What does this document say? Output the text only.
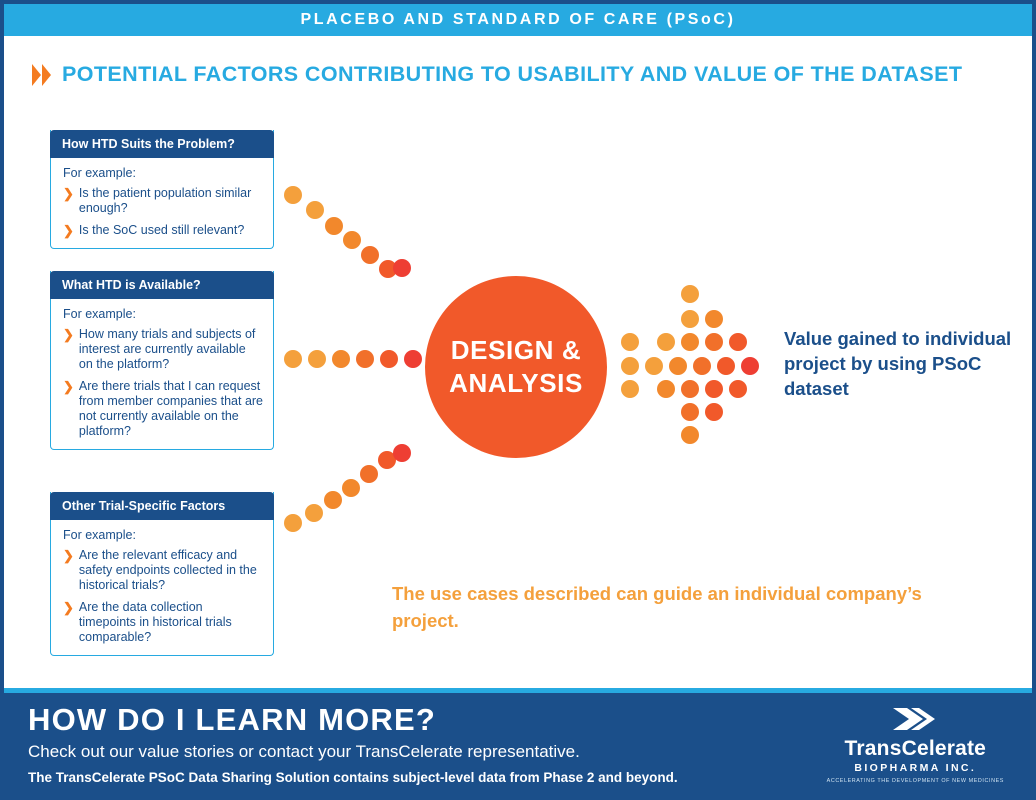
PLACEBO AND STANDARD OF CARE (PSoC)
POTENTIAL FACTORS CONTRIBUTING TO USABILITY AND VALUE OF THE DATASET
How HTD Suits the Problem?
For example:
❯ Is the patient population similar enough?
❯ Is the SoC used still relevant?
What HTD is Available?
For example:
❯ How many trials and subjects of interest are currently available on the platform?
❯ Are there trials that I can request from member companies that are not currently available on the platform?
Other Trial-Specific Factors
For example:
❯ Are the relevant efficacy and safety endpoints collected in the historical trials?
❯ Are the data collection timepoints in historical trials comparable?
DESIGN &
ANALYSIS
Value gained to individual project by using PSoC dataset
The use cases described can guide an individual company’s project.
HOW DO I LEARN MORE?
Check out our value stories or contact your TransCelerate representative.
The TransCelerate PSoC Data Sharing Solution contains subject-level data from Phase 2 and beyond.
TransCelerate
BIOPHARMA INC.
ACCELERATING THE DEVELOPMENT OF NEW MEDICINES
